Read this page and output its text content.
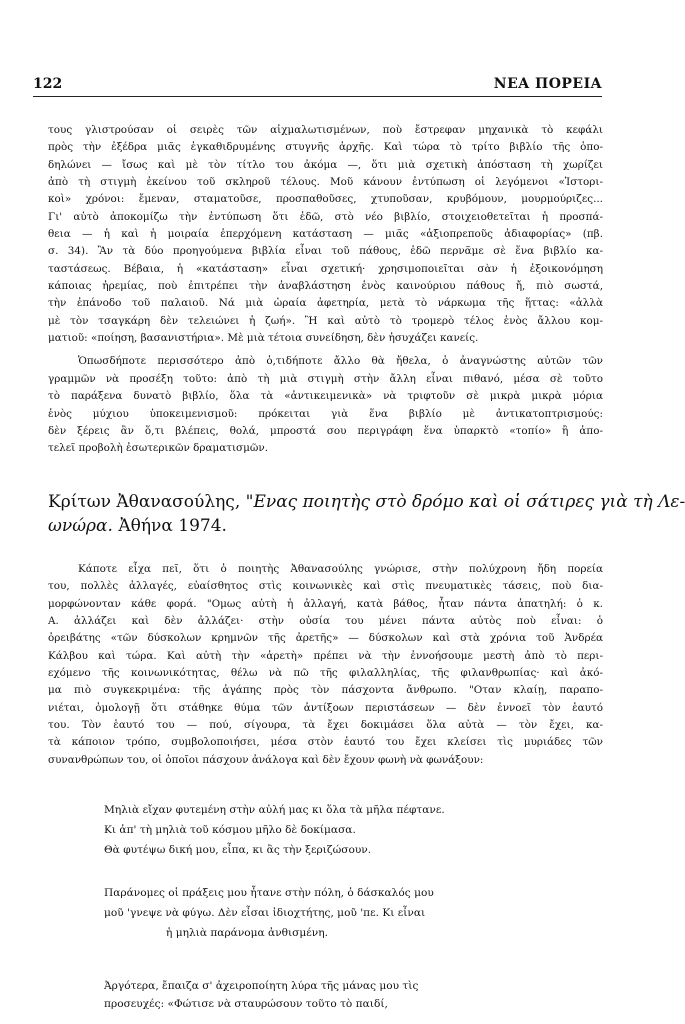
122	ΝΕΑ ΠΟΡΕΙΑ
τους γλιστρούσαν οἱ σειρὲς τῶν αἰχμαλωτισμένων, ποὺ ἔστρεφαν μηχανικὰ τὸ κεφάλι
πρὸς τὴν ἐξέδρα μιᾶς ἐγκαθιδρυμένης στυγνῆς ἀρχῆς. Καὶ τώρα τὸ τρίτο βιβλίο τῆς ὁπο-
δηλώνει — ἴσως καὶ μὲ τὸν τίτλο του ἀκόμα —, ὅτι μιὰ σχετικὴ ἀπόσταση τὴ χωρίζει
ἀπὸ τὴ στιγμὴ ἐκείνου τοῦ σκληροῦ τέλους. Μοῦ κάνουν ἐντύπωση οἱ λεγόμενοι «Ἱστορι-
κοὶ» χρόνοι: ἔμεναν, σταματοῦσε, προσπαθοῦσες, χτυποῦσαν, κρυβόμουν, μουρμούριζες...
Γι' αὐτὸ ἀποκομίζω τὴν ἐντύπωση ὅτι ἐδῶ, στὸ νέο βιβλίο, στοιχειοθετεῖται ἡ προσπά-
θεια — ἡ καὶ ἡ μοιραία ἐπερχόμενη κατάσταση — μιᾶς «ἀξιοπρεποῦς ἀδιαφορίας» (πβ.
σ. 34). Ἂν τὰ δύο προηγούμενα βιβλία εἶναι τοῦ πάθους, ἐδῶ περνᾶμε σὲ ἕνα βιβλίο κα-
ταστάσεως. Βέβαια, ἡ «κατάσταση» εἶναι σχετική· χρησιμοποιεῖται σὰν ἡ ἐξοικονόμηση
κάποιας ἠρεμίας, ποὺ ἐπιτρέπει τὴν ἀναβλάστηση ἑνὸς καινούριου πάθους ἤ, πιὸ σωστά,
τὴν ἐπάνοδο τοῦ παλαιοῦ. Νά μιὰ ὡραία ἀφετηρία, μετὰ τὸ νάρκωμα τῆς ἥττας: «ἀλλὰ
μὲ τὸν τσαγκάρη δὲν τελειώνει ἡ ζωή». Ἢ καὶ αὐτὸ τὸ τρομερὸ τέλος ἑνὸς ἄλλου κομ-
ματιοῦ: «ποίηση, βασανιστήρια». Μὲ μιὰ τέτοια συνείδηση, δὲν ἡσυχάζει κανείς.
Ὁπωσδήποτε περισσότερο ἀπὸ ὁ,τιδήποτε ἄλλο θὰ ἤθελα, ὁ ἀναγνώστης αὐτῶν τῶν
γραμμῶν νὰ προσέξη τοῦτο: ἀπὸ τὴ μιὰ στιγμὴ στὴν ἄλλη εἶναι πιθανό, μέσα σὲ τοῦτο
τὸ παράξενα δυνατὸ βιβλίο, ὅλα τὰ «ἀντικειμενικὰ» νὰ τριφτοῦν σὲ μικρὰ μικρὰ μόρια
ἑνὸς μύχιου ὑποκειμενισμοῦ: πρόκειται γιὰ ἕνα βιβλίο μὲ ἀντικατοπτρισμούς:
δὲν ξέρεις ἂν ὅ,τι βλέπεις, θολά, μπροστά σου περιγράφη ἕνα ὑπαρκτὸ «τοπίο» ἢ ἀπο-
τελεῖ προβολὴ ἐσωτερικῶν δραματισμῶν.
Κρίτων Ἀθανασούλης, "Ενας ποιητὴς στὸ δρόμο καὶ οἱ σάτιρες γιὰ τὴ Λε-
ωνώρα. Ἀθήνα 1974.
Κάποτε εἶχα πεῖ, ὅτι ὁ ποιητὴς Ἀθανασούλης γνώρισε, στὴν πολύχρονη ἤδη πορεία
του, πολλὲς ἀλλαγές, εὐαίσθητος στὶς κοινωνικὲς καὶ στὶς πνευματικὲς τάσεις, ποὺ δια-
μορφώνονταν κάθε φορά. "Ομως αὐτὴ ἡ ἀλλαγή, κατὰ βάθος, ἦταν πάντα ἀπατηλή: ὁ κ.
Α. ἀλλάζει καὶ δὲν ἀλλάζει· στὴν οὐσία του μένει πάντα αὐτὸς ποὺ εἶναι: ὁ
ὀρειβάτης «τῶν δύσκολων κρημνῶν τῆς ἀρετῆς» — δύσκολων καὶ στὰ χρόνια τοῦ Ἀνδρέα
Κάλβου καὶ τώρα. Καὶ αὐτὴ τὴν «ἀρετὴ» πρέπει νὰ τὴν ἐννοήσουμε μεστὴ ἀπὸ τὸ περι-
εχόμενο τῆς κοινωνικότητας, θέλω νὰ πῶ τῆς φιλαλληλίας, τῆς φιλανθρωπίας· καὶ ἀκό-
μα πιὸ συγκεκριμένα: τῆς ἀγάπης πρὸς τὸν πάσχοντα ἄνθρωπο. "Οταν κλαίῃ, παραπο-
νιέται, ὁμολογῇ ὅτι στάθηκε θύμα τῶν ἀντίξοων περιστάσεων — δὲν ἐννοεῖ τὸν ἑαυτό
του. Τὸν ἑαυτό του — πού, σίγουρα, τὰ ἔχει δοκιμάσει ὅλα αὐτὰ — τὸν ἔχει, κα-
τὰ κάποιον τρόπο, συμβολοποιήσει, μέσα στὸν ἑαυτό του ἔχει κλείσει τὶς μυριάδες τῶν
συνανθρώπων του, οἱ ὁποῖοι πάσχουν ἀνάλογα καὶ δὲν ἔχουν φωνὴ νὰ φωνάξουν:
Μηλιὰ εἴχαν φυτεμένη στὴν αὐλή μας κι ὅλα τὰ μῆλα πέφτανε.
Κι ἀπ' τὴ μηλιὰ τοῦ κόσμου μῆλο δὲ δοκίμασα.
Θὰ φυτέψω δική μου, εἶπα, κι ἂς τὴν ξεριζώσουν.
Παράνομες οἱ πράξεις μου ἦτανε στὴν πόλη, ὁ δάσκαλός μου
μοῦ 'γνεψε νὰ φύγω. Δὲν εἶσαι ἰδιοχτήτης, μοῦ 'πε. Κι εἶναι
ἡ μηλιὰ παράνομα ἀνθισμένη.
Ἀργότερα, ἔπαιζα σ' ἀχειροποίητη λύρα τῆς μάνας μου τὶς
προσευχές: «Φώτισε νὰ σταυρώσουν τοῦτο τὸ παιδί,
